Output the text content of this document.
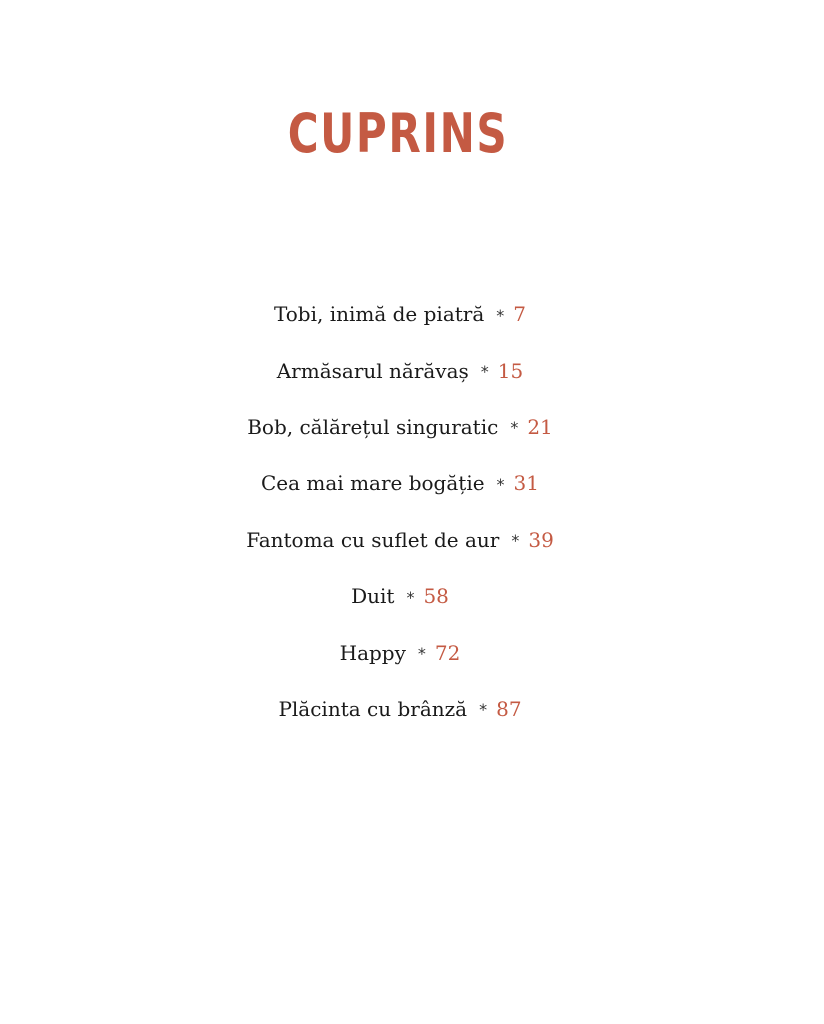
CUPRINS
Tobi, inimă de piatră * 7
Armăsarul nărăvaș * 15
Bob, călărețul singuratic * 21
Cea mai mare bogăție * 31
Fantoma cu suflet de aur * 39
Duit * 58
Happy * 72
Plăcinta cu brânză * 87
